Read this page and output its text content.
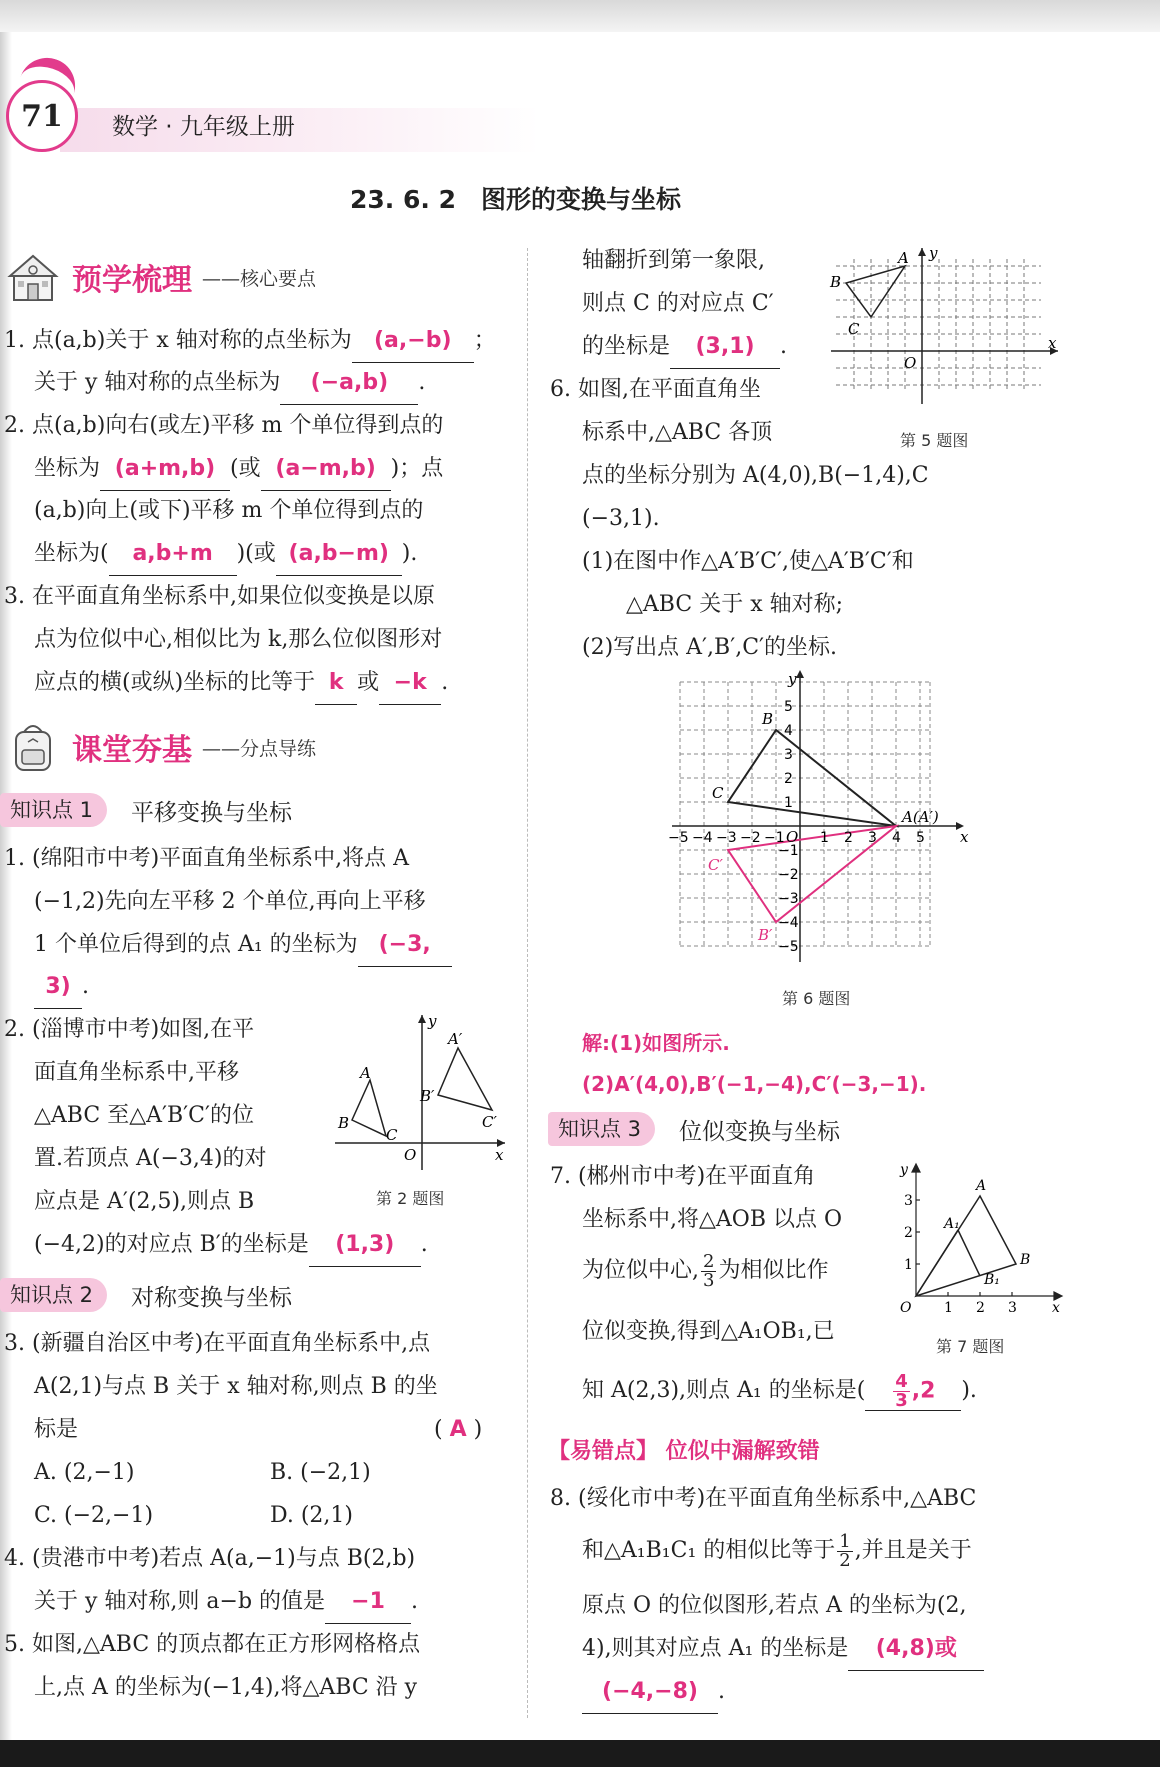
71	数学 · 九年级上册
23. 6. 2　图形的变换与坐标
预学梳理 ——核心要点
1. 点(a,b)关于 x 轴对称的点坐标为 (a,−b) ；
关于 y 轴对称的点坐标为 (−a,b) .
2. 点(a,b)向右(或左)平移 m 个单位得到点的
坐标为 (a+m,b) (或 (a−m,b) )；点
(a,b)向上(或下)平移 m 个单位得到点的
坐标为( a,b+m )(或 (a,b−m) ).
3. 在平面直角坐标系中,如果位似变换是以原
点为位似中心,相似比为 k,那么位似图形对
应点的横(或纵)坐标的比等于 k 或 −k .
课堂夯基 ——分点导练
知识点 1	平移变换与坐标
1. (绵阳市中考)平面直角坐标系中,将点 A
(−1,2)先向左平移 2 个单位,再向上平移
1 个单位后得到的点 A₁ 的坐标为 (−3,
3) .
2. (淄博市中考)如图,在平
面直角坐标系中,平移
△ABC 至△A′B′C′的位
置.若顶点 A(−3,4)的对
应点是 A′(2,5),则点 B
(−4,2)的对应点 B′的坐标是 (1,3) .
A
B
C
A′
B′
C′
y
x
O
第 2 题图
知识点 2	对称变换与坐标
3. (新疆自治区中考)在平面直角坐标系中,点
A(2,1)与点 B 关于 x 轴对称,则点 B 的坐
标是	( A )
A. (2,−1)	B. (−2,1)
C. (−2,−1)	D. (2,1)
4. (贵港市中考)若点 A(a,−1)与点 B(2,b)
关于 y 轴对称,则 a−b 的值是 −1 .
5. 如图,△ABC 的顶点都在正方形网格格点
上,点 A 的坐标为(−1,4),将△ABC 沿 y
轴翻折到第一象限,
则点 C 的对应点 C′
的坐标是 (3,1) .
A
B
C
y
x
O
第 5 题图
6. 如图,在平面直角坐
标系中,△ABC 各顶
点的坐标分别为 A(4,0),B(−1,4),C
(−3,1).
(1)在图中作△A′B′C′,使△A′B′C′和
△ABC 关于 x 轴对称;
(2)写出点 A′,B′,C′的坐标.
B
C
A(A′)
B′
C′
y
x
O
−5 −4 −3 −2 −1	1 2 3 4 5
5
4
3
2
1
−1
−2
−3
−4
−5
第 6 题图
解:(1)如图所示.
(2)A′(4,0),B′(−1,−4),C′(−3,−1).
知识点 3	位似变换与坐标
7. (郴州市中考)在平面直角
坐标系中,将△AOB 以点 O
为位似中心, $\frac{2}{3}$ 为相似比作
位似变换,得到△A₁OB₁,已
知 A(2,3),则点 A₁ 的坐标是( $\frac{4}{3} ,2$ ).
y
x
O
A
A₁
B
B₁
1 2 3
1
2
3
第 7 题图
【易错点】 位似中漏解致错
8. (绥化市中考)在平面直角坐标系中,△ABC
和△A₁B₁C₁ 的相似比等于 $\frac{1}{2}$ ,并且是关于
原点 O 的位似图形,若点 A 的坐标为(2,
4),则其对应点 A₁ 的坐标是 (4,8)或
(−4,−8) .
